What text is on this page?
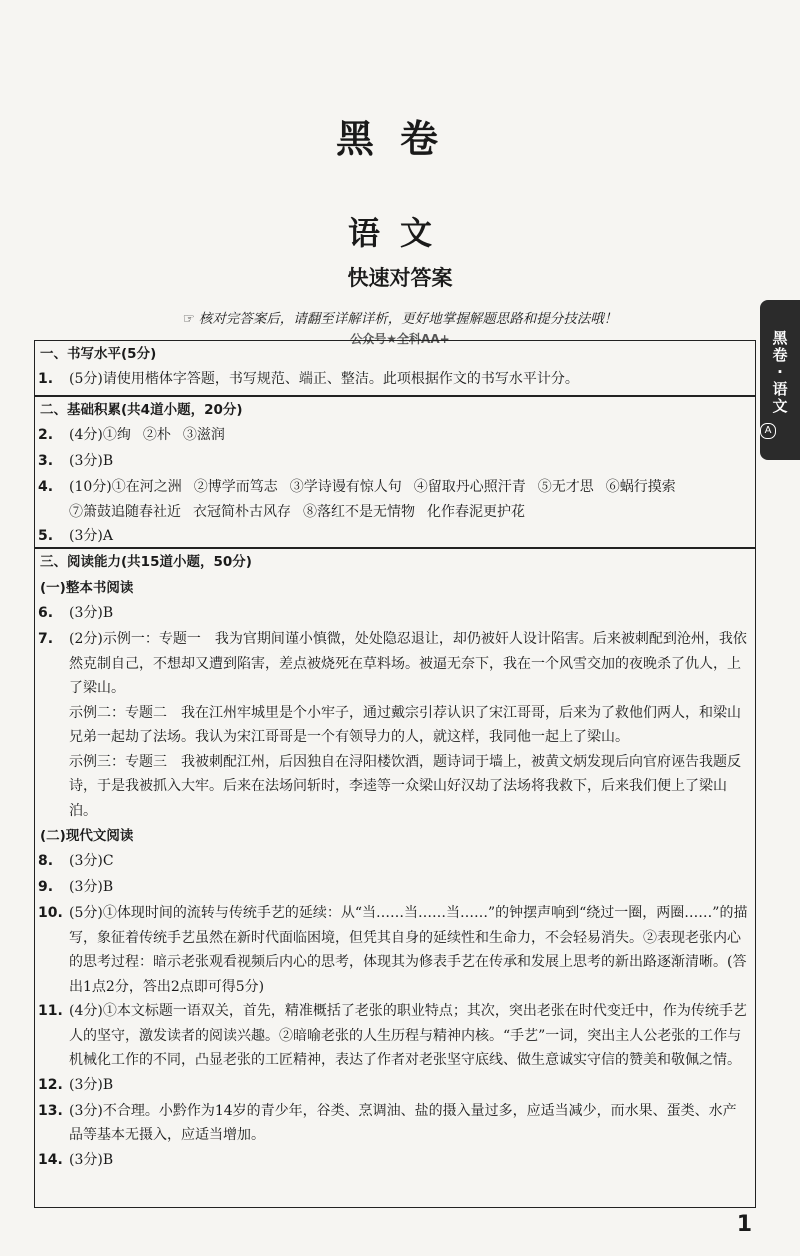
黑卷
语文
快速对答案
☞ 核对完答案后，请翻至详解详析，更好地掌握解题思路和提分技法哦！
公众号★全科AA+	黑
卷
·
语
文
A
一、书写水平(5分)
1. (5分)请使用楷体字答题，书写规范、端正、整洁。此项根据作文的书写水平计分。

二、基础积累(共4道小题，20分)
2. (4分)①绚 ②朴 ③滋润

3. (3分)B

4. (10分)①在河之洲 ②博学而笃志 ③学诗谩有惊人句 ④留取丹心照汗青 ⑤无才思 ⑥蜗行摸索

⑦箫鼓追随春社近 衣冠简朴古风存 ⑧落红不是无情物 化作春泥更护花

5. (3分)A

三、阅读能力(共15道小题，50分)
(一)整本书阅读
6. (3分)B

7. (2分)示例一：专题一　我为官期间谨小慎微，处处隐忍退让，却仍被奸人设计陷害。后来被刺配到沧州，我依然克制自己，不想却又遭到陷害，差点被烧死在草料场。被逼无奈下，我在一个风雪交加的夜晚杀了仇人，上了梁山。

示例二：专题二　我在江州牢城里是个小牢子，通过戴宗引荐认识了宋江哥哥，后来为了救他们两人，和梁山兄弟一起劫了法场。我认为宋江哥哥是一个有领导力的人，就这样，我同他一起上了梁山。

示例三：专题三　我被刺配江州，后因独自在浔阳楼饮酒，题诗词于墙上，被黄文炳发现后向官府诬告我题反诗，于是我被抓入大牢。后来在法场问斩时，李逵等一众梁山好汉劫了法场将我救下，后来我们便上了梁山泊。

(二)现代文阅读
8. (3分)C

9. (3分)B

10. (5分)①体现时间的流转与传统手艺的延续：从“当……当……当……”的钟摆声响到“绕过一圈，两圈……”的描写，象征着传统手艺虽然在新时代面临困境，但凭其自身的延续性和生命力，不会轻易消失。②表现老张内心的思考过程：暗示老张观看视频后内心的思考，体现其为修表手艺在传承和发展上思考的新出路逐渐清晰。(答出1点2分，答出2点即可得5分)

11. (4分)①本文标题一语双关，首先，精准概括了老张的职业特点；其次，突出老张在时代变迁中，作为传统手艺人的坚守，激发读者的阅读兴趣。②暗喻老张的人生历程与精神内核。“手艺”一词，突出主人公老张的工作与机械化工作的不同，凸显老张的工匠精神，表达了作者对老张坚守底线、做生意诚实守信的赞美和敬佩之情。

12. (3分)B

13. (3分)不合理。小黔作为14岁的青少年，谷类、烹调油、盐的摄入量过多，应适当减少，而水果、蛋类、水产品等基本无摄入，应适当增加。

14. (3分)B

1
